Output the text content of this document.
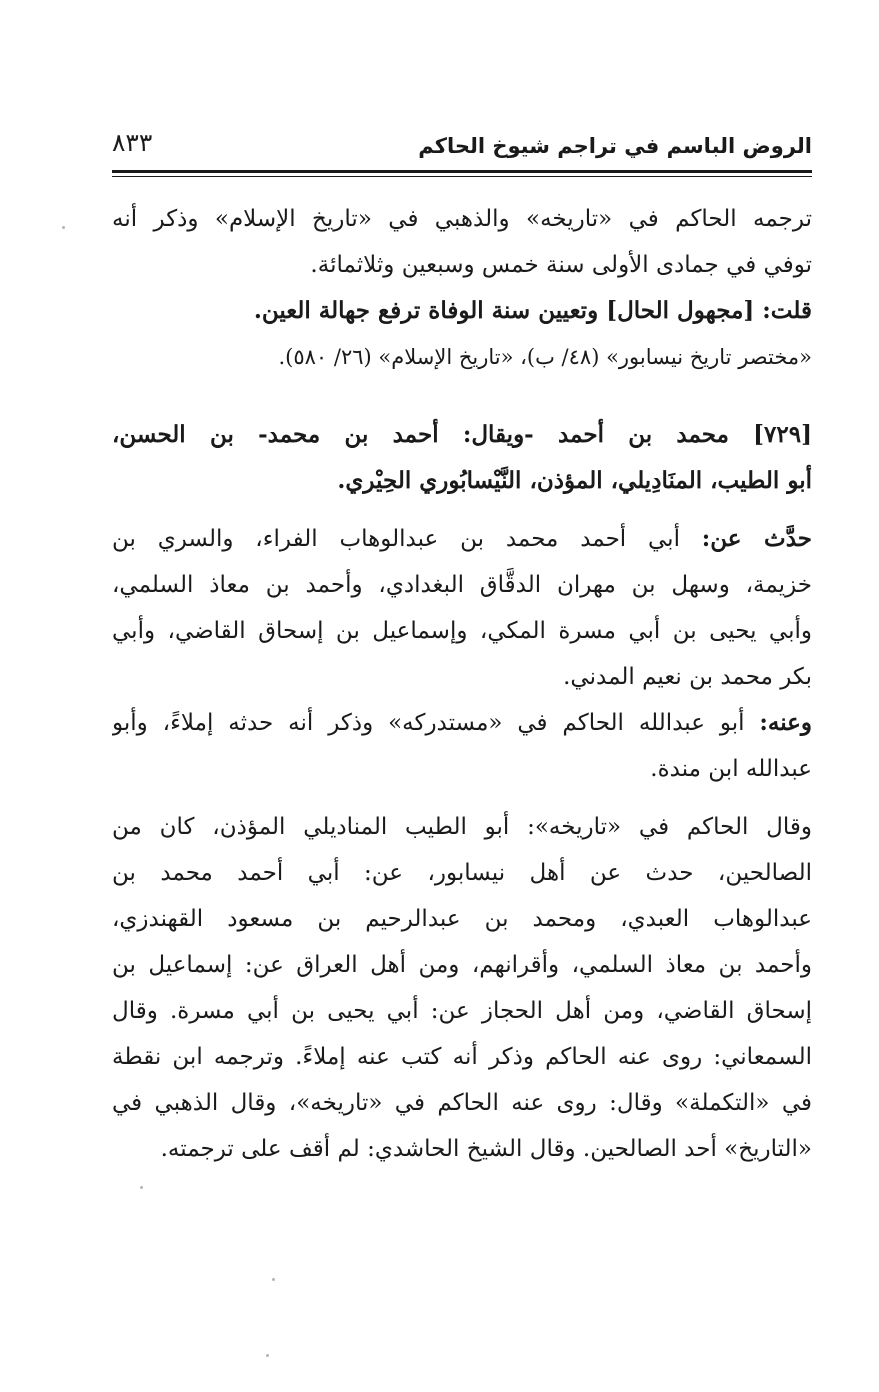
الروض الباسم في تراجم شيوخ الحاكم
٨٣٣
ترجمه الحاكم في «تاريخه» والذهبي في «تاريخ الإسلام» وذكر أنه
توفي في جمادى الأولى سنة خمس وسبعين وثلاثمائة.
قلت: [مجهول الحال] وتعيين سنة الوفاة ترفع جهالة العين.
«مختصر تاريخ نيسابور» (٤٨/ ب)، «تاريخ الإسلام» (٢٦/ ٥٨٠).
[٧٢٩] محمد بن أحمد -ويقال: أحمد بن محمد- بن الحسن،
أبو الطيب، المنَادِيلي، المؤذن، النَّيْسابُوري الحِيْري.
حدَّث عن: أبي أحمد محمد بن عبدالوهاب الفراء، والسري بن
خزيمة، وسهل بن مهران الدقَّاق البغدادي، وأحمد بن معاذ السلمي،
وأبي يحيى بن أبي مسرة المكي، وإسماعيل بن إسحاق القاضي، وأبي
بكر محمد بن نعيم المدني.
وعنه: أبو عبدالله الحاكم في «مستدركه» وذكر أنه حدثه إملاءً، وأبو
عبدالله ابن مندة.
وقال الحاكم في «تاريخه»: أبو الطيب المناديلي المؤذن، كان من
الصالحين، حدث عن أهل نيسابور، عن: أبي أحمد محمد بن
عبدالوهاب العبدي، ومحمد بن عبدالرحيم بن مسعود القهندزي،
وأحمد بن معاذ السلمي، وأقرانهم، ومن أهل العراق عن: إسماعيل بن
إسحاق القاضي، ومن أهل الحجاز عن: أبي يحيى بن أبي مسرة. وقال
السمعاني: روى عنه الحاكم وذكر أنه كتب عنه إملاءً. وترجمه ابن نقطة
في «التكملة» وقال: روى عنه الحاكم في «تاريخه»، وقال الذهبي في
«التاريخ» أحد الصالحين. وقال الشيخ الحاشدي: لم أقف على ترجمته.
